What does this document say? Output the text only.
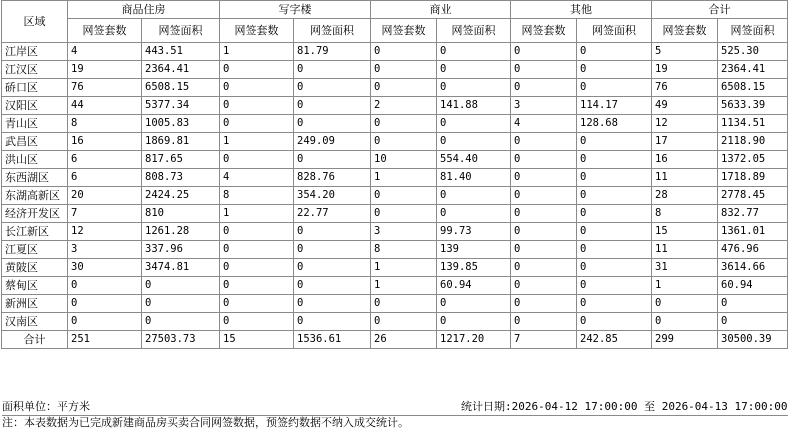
区域	商品住房		写字楼		商业		其他		合计	
	网签套数	网签面积	网签套数	网签面积	网签套数	网签面积	网签套数	网签面积	网签套数	网签面积
江岸区	4	443.51	1	81.79	0	0	0	0	5	525.30
江汉区	19	2364.41	0	0	0	0	0	0	19	2364.41
硚口区	76	6508.15	0	0	0	0	0	0	76	6508.15
汉阳区	44	5377.34	0	0	2	141.88	3	114.17	49	5633.39
青山区	8	1005.83	0	0	0	0	4	128.68	12	1134.51
武昌区	16	1869.81	1	249.09	0	0	0	0	17	2118.90
洪山区	6	817.65	0	0	10	554.40	0	0	16	1372.05
东西湖区	6	808.73	4	828.76	1	81.40	0	0	11	1718.89
东湖高新区	20	2424.25	8	354.20	0	0	0	0	28	2778.45
经济开发区	7	810	1	22.77	0	0	0	0	8	832.77
长江新区	12	1261.28	0	0	3	99.73	0	0	15	1361.01
江夏区	3	337.96	0	0	8	139	0	0	11	476.96
黄陂区	30	3474.81	0	0	1	139.85	0	0	31	3614.66
蔡甸区	0	0	0	0	1	60.94	0	0	1	60.94
新洲区	0	0	0	0	0	0	0	0	0	0
汉南区	0	0	0	0	0	0	0	0	0	0
合计	251	27503.73	15	1536.61	26	1217.20	7	242.85	299	30500.39
面积单位：平方米	统计日期:2026-04-12 17:00:00 至 2026-04-13 17:00:00
注：本表数据为已完成新建商品房买卖合同网签数据，预签约数据不纳入成交统计。
